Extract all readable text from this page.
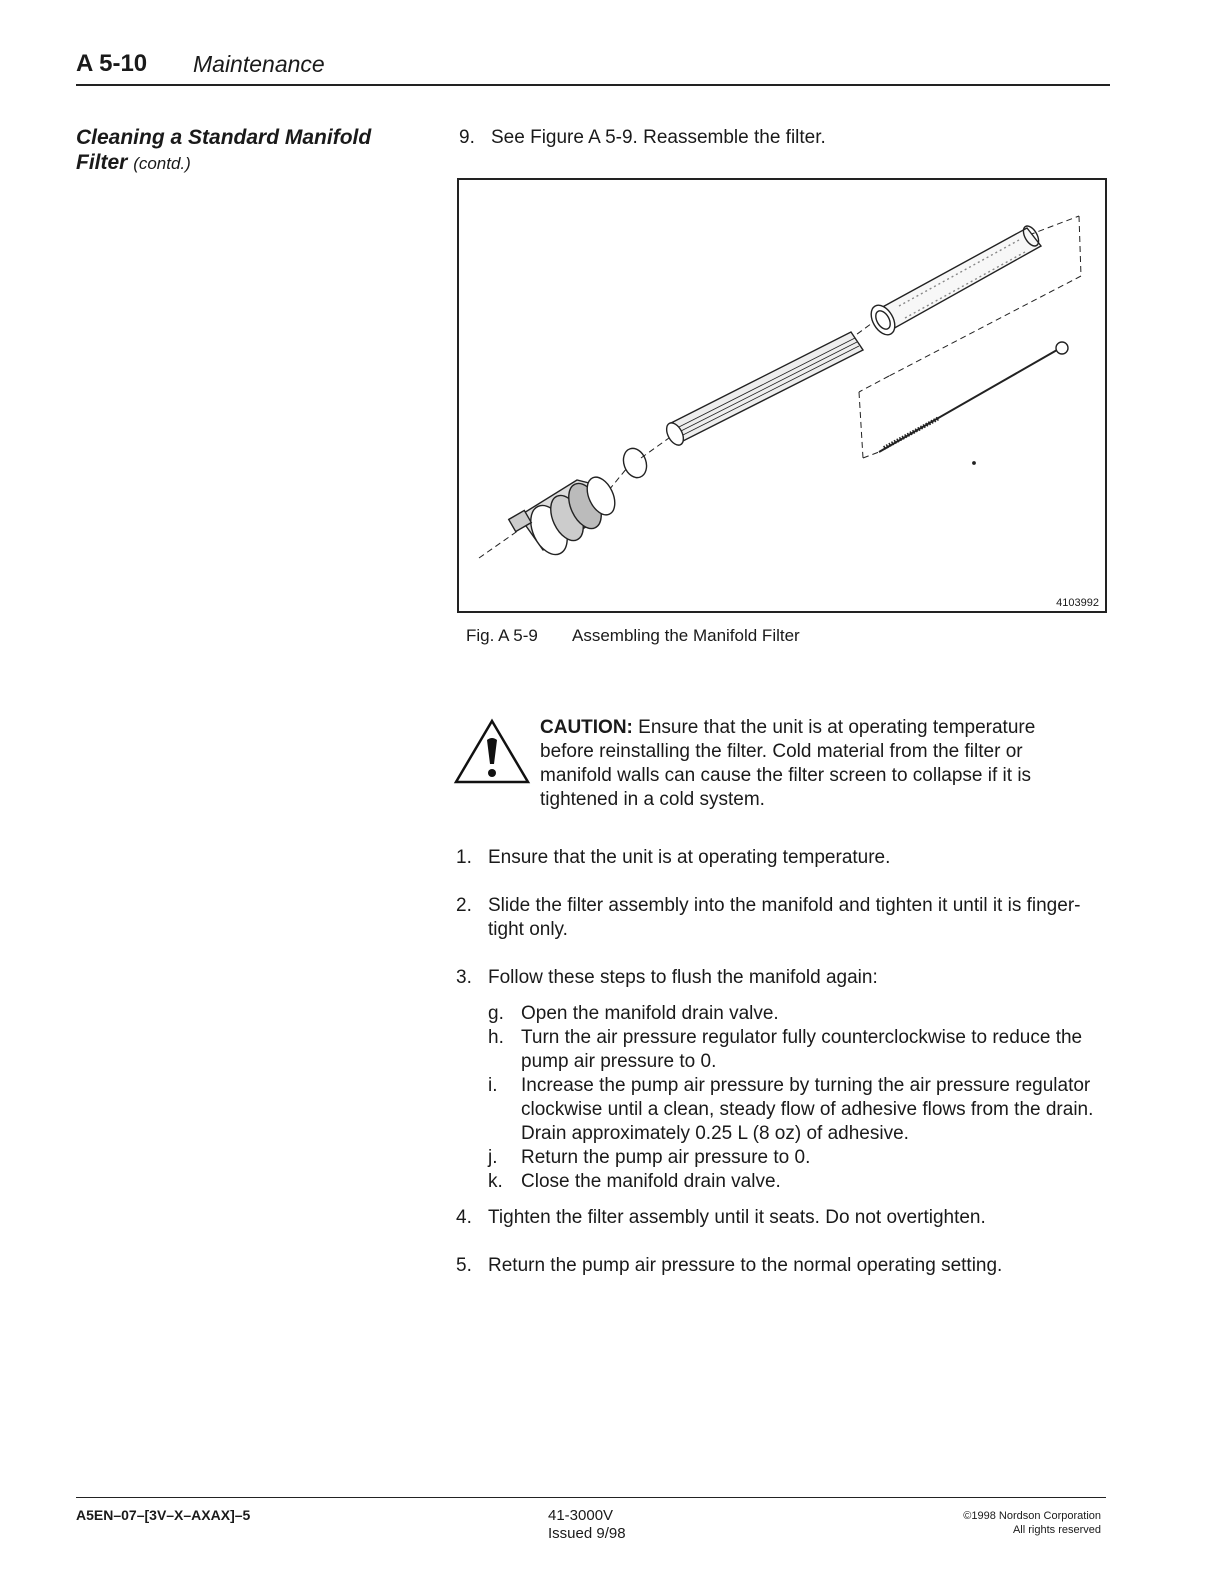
A 5-10 Maintenance
Cleaning a Standard Manifold Filter (contd.)
9. See Figure A 5-9. Reassemble the filter.
4103992
Fig. A 5-9 Assembling the Manifold Filter
CAUTION: Ensure that the unit is at operating temperature before reinstalling the filter. Cold material from the filter or manifold walls can cause the filter screen to collapse if it is tightened in a cold system.
1. Ensure that the unit is at operating temperature.
2. Slide the filter assembly into the manifold and tighten it until it is finger-tight only.
3. Follow these steps to flush the manifold again:
g. Open the manifold drain valve.
h. Turn the air pressure regulator fully counterclockwise to reduce the pump air pressure to 0.
i.	Increase the pump air pressure by turning the air pressure regulator clockwise until a clean, steady flow of adhesive flows from the drain. Drain approximately 0.25 L (8 oz) of adhesive.
j.	Return the pump air pressure to 0.
k. Close the manifold drain valve.
4. Tighten the filter assembly until it seats. Do not overtighten.
5. Return the pump air pressure to the normal operating setting.
A5EN–07–[3V–X–AXAX]–5	41-3000V
Issued 9/98
©1998 Nordson Corporation
All rights reserved
